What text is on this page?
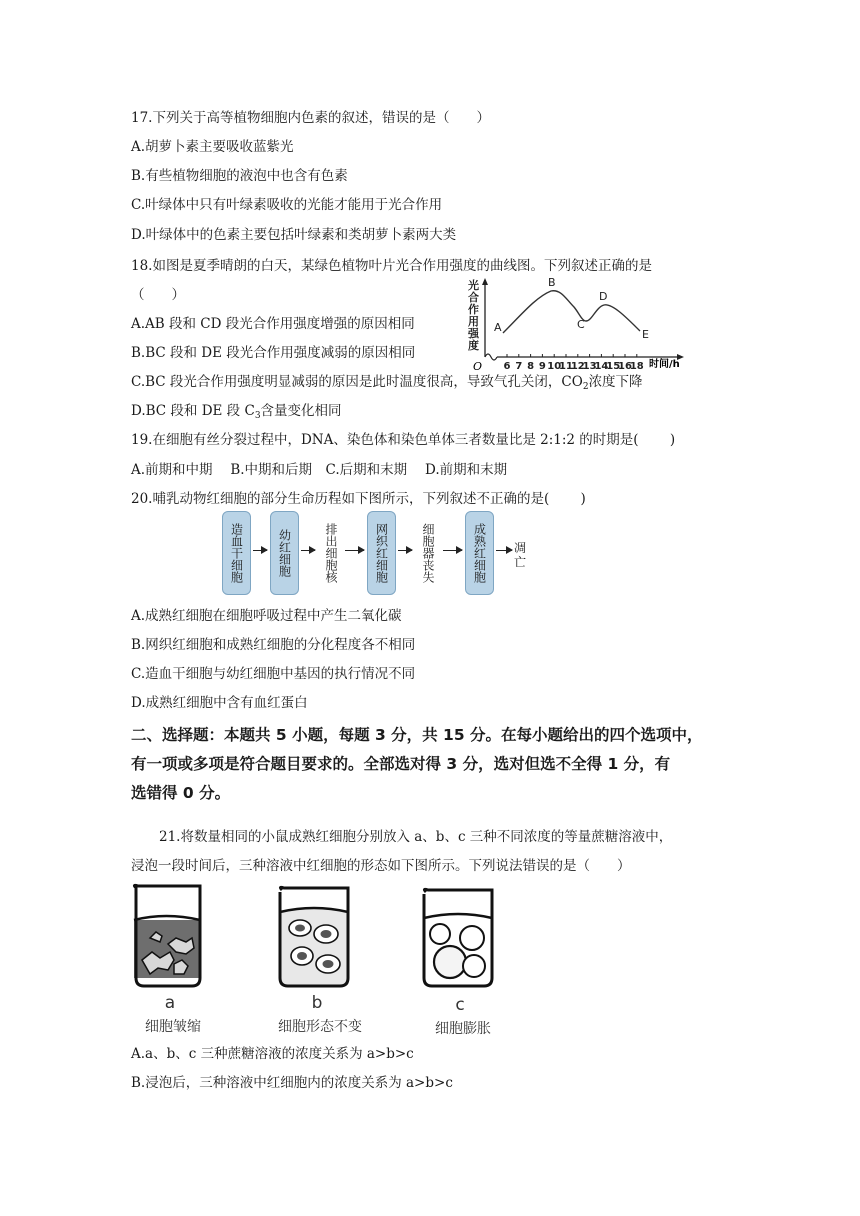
17.下列关于高等植物细胞内色素的叙述，错误的是（　　）
A.胡萝卜素主要吸收蓝紫光
B.有些植物细胞的液泡中也含有色素
C.叶绿体中只有叶绿素吸收的光能才能用于光合作用
D.叶绿体中的色素主要包括叶绿素和类胡萝卜素两大类
18.如图是夏季晴朗的白天，某绿色植物叶片光合作用强度的曲线图。下列叙述正确的是
（　　）
A.AB 段和 CD 段光合作用强度增强的原因相同
B.BC 段和 DE 段光合作用强度减弱的原因相同
C.BC 段光合作用强度明显减弱的原因是此时温度很高，导致气孔关闭，$CO_2$浓度下降
D.BC 段和 DE 段 $C_3$含量变化相同
光合作用强度
O 6 7 8 9 10
11
12
13
14
15
16
18 时间/h
A
B
C
D
E
19.在细胞有丝分裂过程中，DNA、染色体和染色单体三者数量比是 2:1:2 的时期是(　　 )
A.前期和中期　 B.中期和后期　C.后期和末期　 D.前期和末期
20.哺乳动物红细胞的部分生命历程如下图所示，下列叙述不正确的是(　　 )
造血干细胞	幼红细胞	排出细胞核	网织红细胞	细胞器丧失	成熟红细胞	凋亡
A.成熟红细胞在细胞呼吸过程中产生二氧化碳
B.网织红细胞和成熟红细胞的分化程度各不相同
C.造血干细胞与幼红细胞中基因的执行情况不同
D.成熟红细胞中含有血红蛋白
二、选择题：本题共 5 小题，每题 3 分，共 15 分。在每小题给出的四个选项中，
有一项或多项是符合题目要求的。全部选对得 3 分，选对但选不全得 1 分，有
选错得 0 分。
21.将数量相同的小鼠成熟红细胞分别放入 a、b、c 三种不同浓度的等量蔗糖溶液中，
浸泡一段时间后，三种溶液中红细胞的形态如下图所示。下列说法错误的是（　　）
a	b	c
细胞皱缩	细胞形态不变	细胞膨胀
A.a、b、c 三种蔗糖溶液的浓度关系为 a>b>c
B.浸泡后，三种溶液中红细胞内的浓度关系为 a>b>c
